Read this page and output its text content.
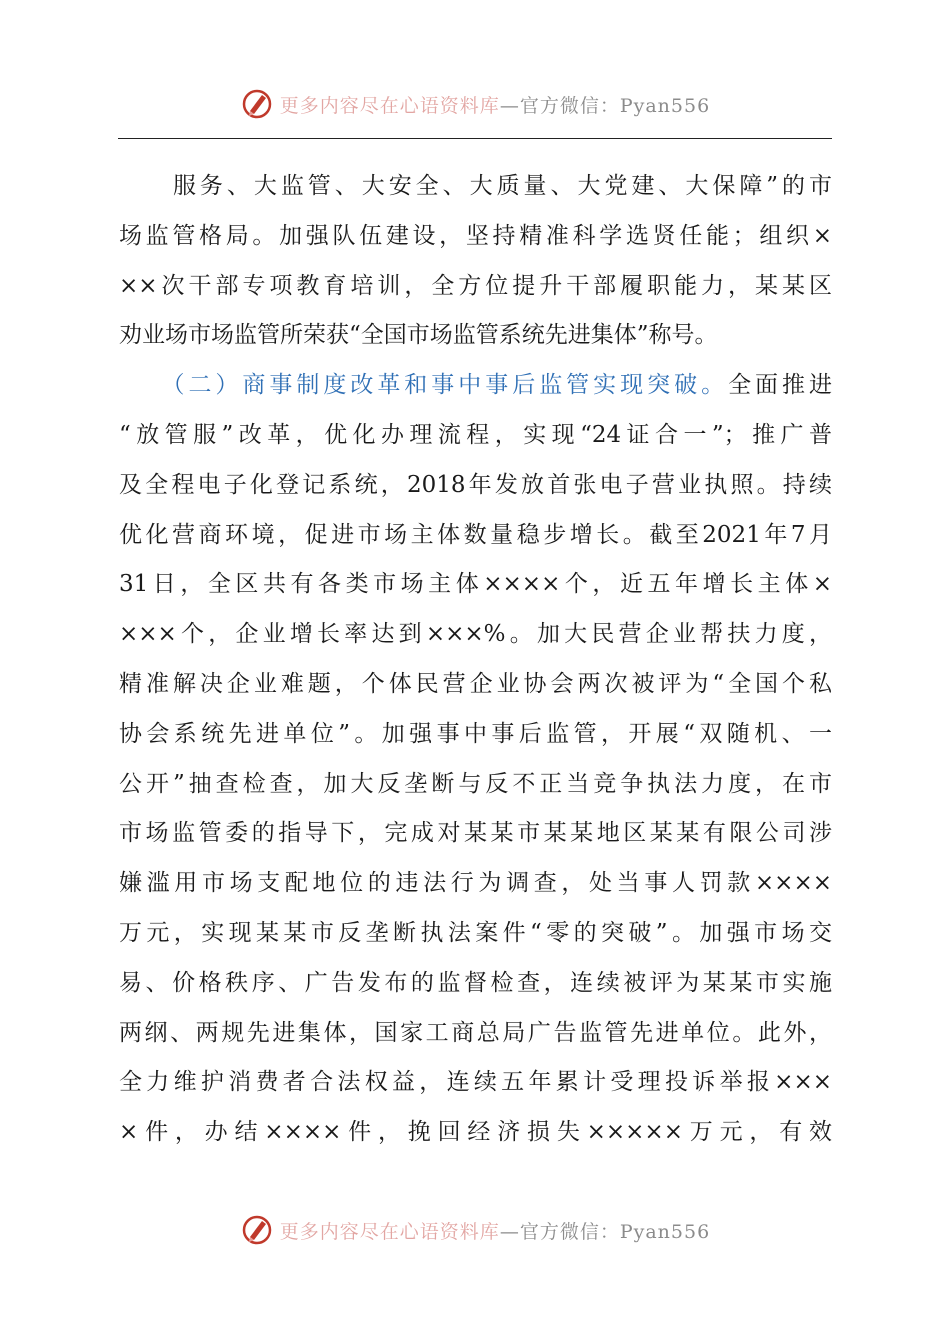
更多内容尽在心语资料库—官方微信：Pyan556
　　服务、大监管、大安全、大质量、大党建、大保障”的市
场监管格局。加强队伍建设，坚持精准科学选贤任能；组织×
××次干部专项教育培训，全方位提升干部履职能力，某某区
劝业场市场监管所荣获“全国市场监管系统先进集体”称号。
　　（二）商事制度改革和事中事后监管实现突破。全面推进
“放管服”改革，优化办理流程，实现“24证合一”；推广普
及全程电子化登记系统，2018年发放首张电子营业执照。持续
优化营商环境，促进市场主体数量稳步增长。截至2021年7月
31日，全区共有各类市场主体××××个，近五年增长主体×
×××个，企业增长率达到×××%。加大民营企业帮扶力度，
精准解决企业难题，个体民营企业协会两次被评为“全国个私
协会系统先进单位”。加强事中事后监管，开展“双随机、一
公开”抽查检查，加大反垄断与反不正当竞争执法力度，在市
市场监管委的指导下，完成对某某市某某地区某某有限公司涉
嫌滥用市场支配地位的违法行为调查，处当事人罚款××××
万元，实现某某市反垄断执法案件“零的突破”。加强市场交
易、价格秩序、广告发布的监督检查，连续被评为某某市实施
两纲、两规先进集体，国家工商总局广告监管先进单位。此外，
全力维护消费者合法权益，连续五年累计受理投诉举报×××
×件，办结××××件，挽回经济损失×××××万元，有效
更多内容尽在心语资料库—官方微信：Pyan556
